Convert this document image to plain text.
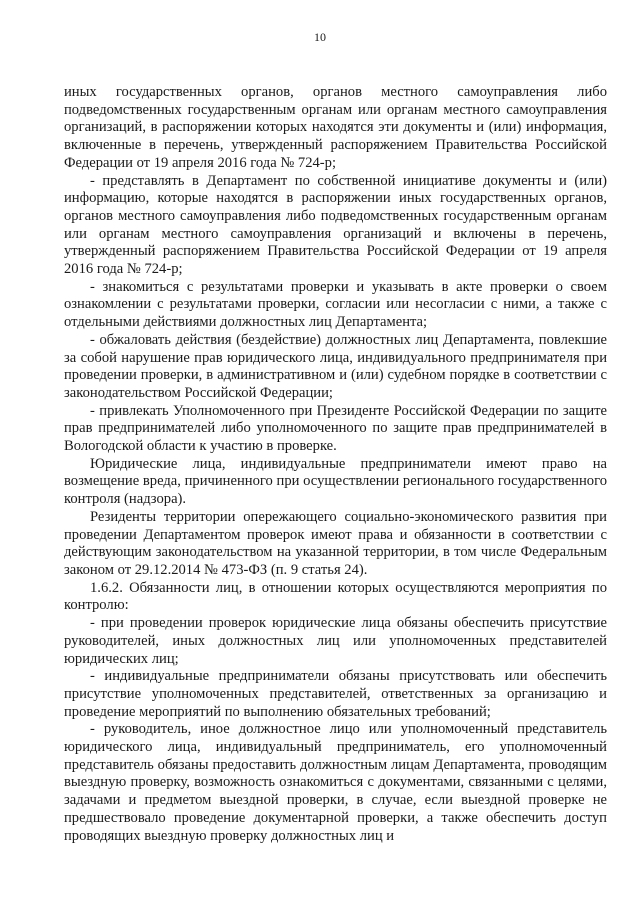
10

иных государственных органов, органов местного самоуправления либо подведомственных государственным органам или органам местного самоуправления организаций, в распоряжении которых находятся эти документы и (или) информация, включенные в перечень, утвержденный распоряжением Правительства Российской Федерации от 19 апреля 2016 года № 724-р;

- представлять в Департамент по собственной инициативе документы и (или) информацию, которые находятся в распоряжении иных государственных органов, органов местного самоуправления либо подведомственных государственным органам или органам местного самоуправления организаций и включены в перечень, утвержденный распоряжением Правительства Российской Федерации от 19 апреля 2016 года № 724-р;

- знакомиться с результатами проверки и указывать в акте проверки о своем ознакомлении с результатами проверки, согласии или несогласии с ними, а также с отдельными действиями должностных лиц Департамента;

- обжаловать действия (бездействие) должностных лиц Департамента, повлекшие за собой нарушение прав юридического лица, индивидуального предпринимателя при проведении проверки, в административном и (или) судебном порядке в соответствии с законодательством Российской Федерации;

- привлекать Уполномоченного при Президенте Российской Федерации по защите прав предпринимателей либо уполномоченного по защите прав предпринимателей в Вологодской области к участию в проверке.

Юридические лица, индивидуальные предприниматели имеют право на возмещение вреда, причиненного при осуществлении регионального государственного контроля (надзора).

Резиденты территории опережающего социально-экономического развития при проведении Департаментом проверок имеют права и обязанности в соответствии с действующим законодательством на указанной территории, в том числе Федеральным законом от 29.12.2014 № 473-ФЗ (п. 9 статья 24).

1.6.2. Обязанности лиц, в отношении которых осуществляются мероприятия по контролю:

- при проведении проверок юридические лица обязаны обеспечить присутствие руководителей, иных должностных лиц или уполномоченных представителей юридических лиц;

- индивидуальные предприниматели обязаны присутствовать или обеспечить присутствие уполномоченных представителей, ответственных за организацию и проведение мероприятий по выполнению обязательных требований;

- руководитель, иное должностное лицо или уполномоченный представитель юридического лица, индивидуальный предприниматель, его уполномоченный представитель обязаны предоставить должностным лицам Департамента, проводящим выездную проверку, возможность ознакомиться с документами, связанными с целями, задачами и предметом выездной проверки, в случае, если выездной проверке не предшествовало проведение документарной проверки, а также обеспечить доступ проводящих выездную проверку должностных лиц и
